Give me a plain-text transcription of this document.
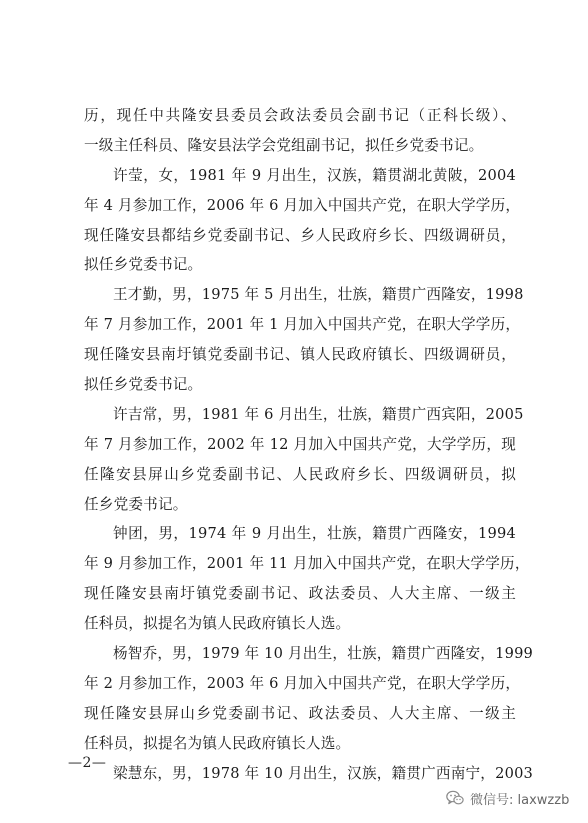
历，现任中共隆安县委员会政法委员会副书记（正科长级）、
一级主任科员、隆安县法学会党组副书记，拟任乡党委书记。
许莹，女，1981 年 9 月出生，汉族，籍贯湖北黄陂，2004
年 4 月参加工作，2006 年 6 月加入中国共产党，在职大学学历，
现任隆安县都结乡党委副书记、乡人民政府乡长、四级调研员，
拟任乡党委书记。
王才勤，男，1975 年 5 月出生，壮族，籍贯广西隆安，1998
年 7 月参加工作，2001 年 1 月加入中国共产党，在职大学学历，
现任隆安县南圩镇党委副书记、镇人民政府镇长、四级调研员，
拟任乡党委书记。
许吉常，男，1981 年 6 月出生，壮族，籍贯广西宾阳，2005
年 7 月参加工作，2002 年 12 月加入中国共产党，大学学历，现
任隆安县屏山乡党委副书记、人民政府乡长、四级调研员，拟
任乡党委书记。
钟团，男，1974 年 9 月出生，壮族，籍贯广西隆安，1994
年 9 月参加工作，2001 年 11 月加入中国共产党，在职大学学历，
现任隆安县南圩镇党委副书记、政法委员、人大主席、一级主
任科员，拟提名为镇人民政府镇长人选。
杨智乔，男，1979 年 10 月出生，壮族，籍贯广西隆安，1999
年 2 月参加工作，2003 年 6 月加入中国共产党，在职大学学历，
现任隆安县屏山乡党委副书记、政法委员、人大主席、一级主
任科员，拟提名为镇人民政府镇长人选。
梁慧东，男，1978 年 10 月出生，汉族，籍贯广西南宁，2003
—2—
微信号: laxwzzb
